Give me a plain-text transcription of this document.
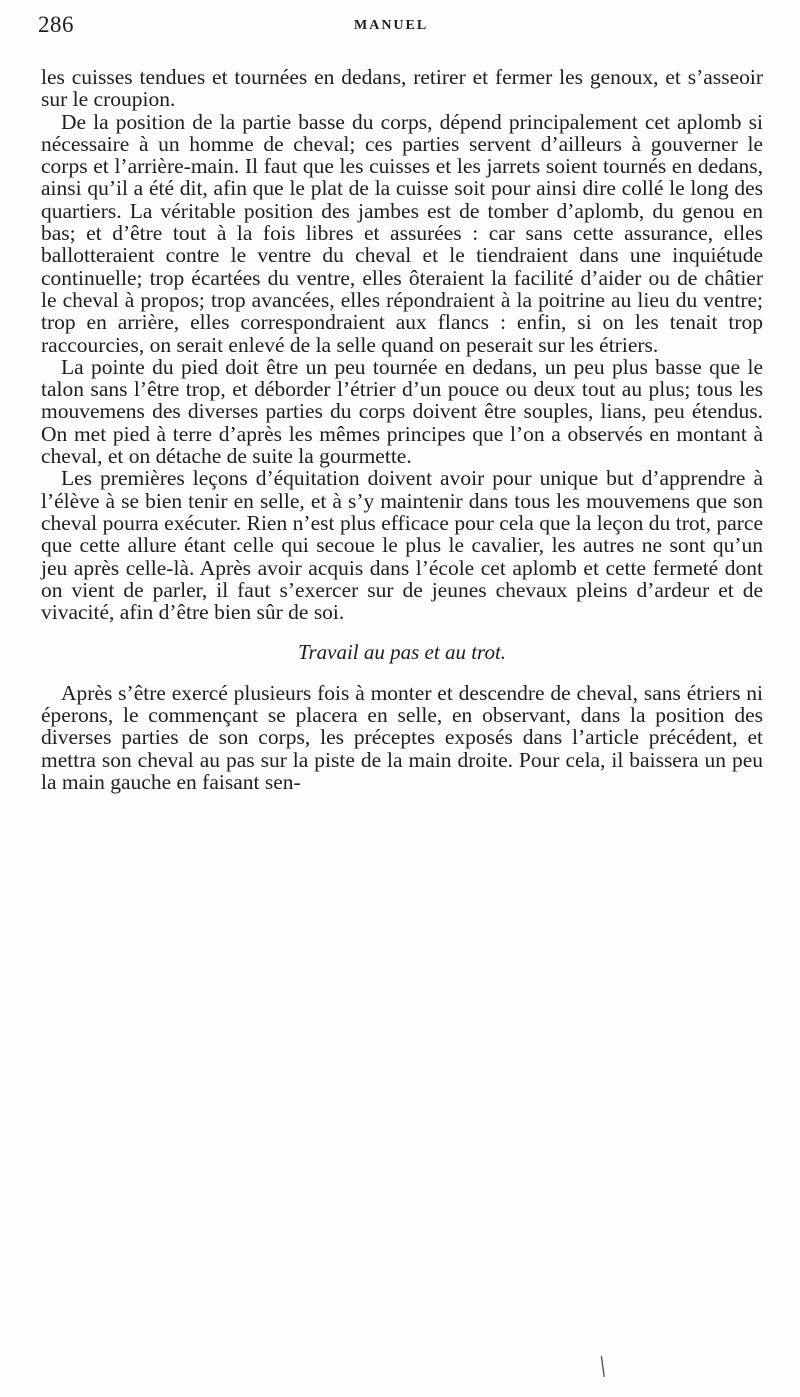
286	MANUEL

les cuisses tendues et tournées en dedans, retirer et fermer les genoux, et s’asseoir sur le croupion.

De la position de la partie basse du corps, dépend principalement cet aplomb si nécessaire à un homme de cheval; ces parties servent d’ailleurs à gouverner le corps et l’arrière-main. Il faut que les cuisses et les jarrets soient tournés en dedans, ainsi qu’il a été dit, afin que le plat de la cuisse soit pour ainsi dire collé le long des quartiers. La véritable position des jambes est de tomber d’aplomb, du genou en bas; et d’être tout à la fois libres et assurées : car sans cette assurance, elles ballotteraient contre le ventre du cheval et le tiendraient dans une inquiétude continuelle; trop écartées du ventre, elles ôteraient la facilité d’aider ou de châtier le cheval à propos; trop avancées, elles répondraient à la poitrine au lieu du ventre; trop en arrière, elles correspondraient aux flancs : enfin, si on les tenait trop raccourcies, on serait enlevé de la selle quand on peserait sur les étriers.

La pointe du pied doit être un peu tournée en dedans, un peu plus basse que le talon sans l’être trop, et déborder l’étrier d’un pouce ou deux tout au plus; tous les mouvemens des diverses parties du corps doivent être souples, lians, peu étendus. On met pied à terre d’après les mêmes principes que l’on a observés en montant à cheval, et on détache de suite la gourmette.

Les premières leçons d’équitation doivent avoir pour unique but d’apprendre à l’élève à se bien tenir en selle, et à s’y maintenir dans tous les mouvemens que son cheval pourra exécuter. Rien n’est plus efficace pour cela que la leçon du trot, parce que cette allure étant celle qui secoue le plus le cavalier, les autres ne sont qu’un jeu après celle-là. Après avoir acquis dans l’école cet aplomb et cette fermeté dont on vient de parler, il faut s’exercer sur de jeunes chevaux pleins d’ardeur et de vivacité, afin d’être bien sûr de soi.

Travail au pas et au trot.

Après s’être exercé plusieurs fois à monter et descendre de cheval, sans étriers ni éperons, le commençant se placera en selle, en observant, dans la position des diverses parties de son corps, les préceptes exposés dans l’article précédent, et mettra son cheval au pas sur la piste de la main droite. Pour cela, il baissera un peu la main gauche en faisant sen-

╱
